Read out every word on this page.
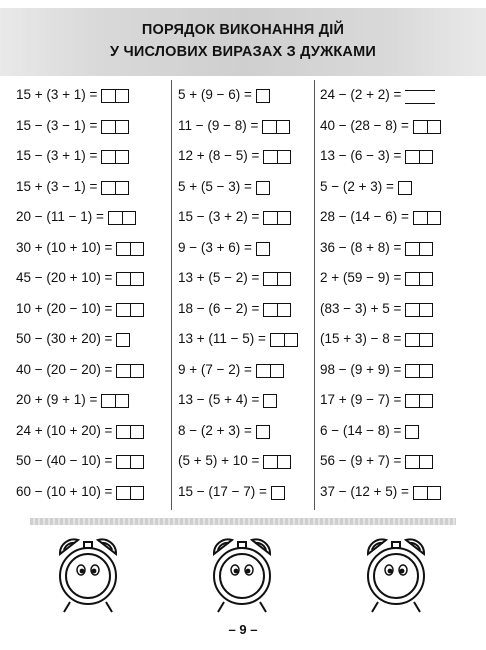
ПОРЯДОК ВИКОНАННЯ ДІЙ
У ЧИСЛОВИХ ВИРАЗАХ З ДУЖКАМИ
15 + (3 + 1) =
15 − (3 − 1) =
15 − (3 + 1) =
15 + (3 − 1) =
20 − (11 − 1) =
30 + (10 + 10) =
45 − (20 + 10) =
10 + (20 − 10) =
50 − (30 + 20) =
40 − (20 − 20) =
20 + (9 + 1) =
24 + (10 + 20) =
50 − (40 − 10) =
60 − (10 + 10) =
5 + (9 − 6) =
11 − (9 − 8) =
12 + (8 − 5) =
5 + (5 − 3) =
15 − (3 + 2) =
9 − (3 + 6) =
13 + (5 − 2) =
18 − (6 − 2) =
13 + (11 − 5) =
9 + (7 − 2) =
13 − (5 + 4) =
8 − (2 + 3) =
(5 + 5) + 10 =
15 − (17 − 7) =
24 − (2 + 2) =
40 − (28 − 8) =
13 − (6 − 3) =
5 − (2 + 3) =
28 − (14 − 6) =
36 − (8 + 8) =
2 + (59 − 9) =
(83 − 3) + 5 =
(15 + 3) − 8 =
98 − (9 + 9) =
17 + (9 − 7) =
6 − (14 − 8) =
56 − (9 + 7) =
37 − (12 + 5) =
– 9 –
